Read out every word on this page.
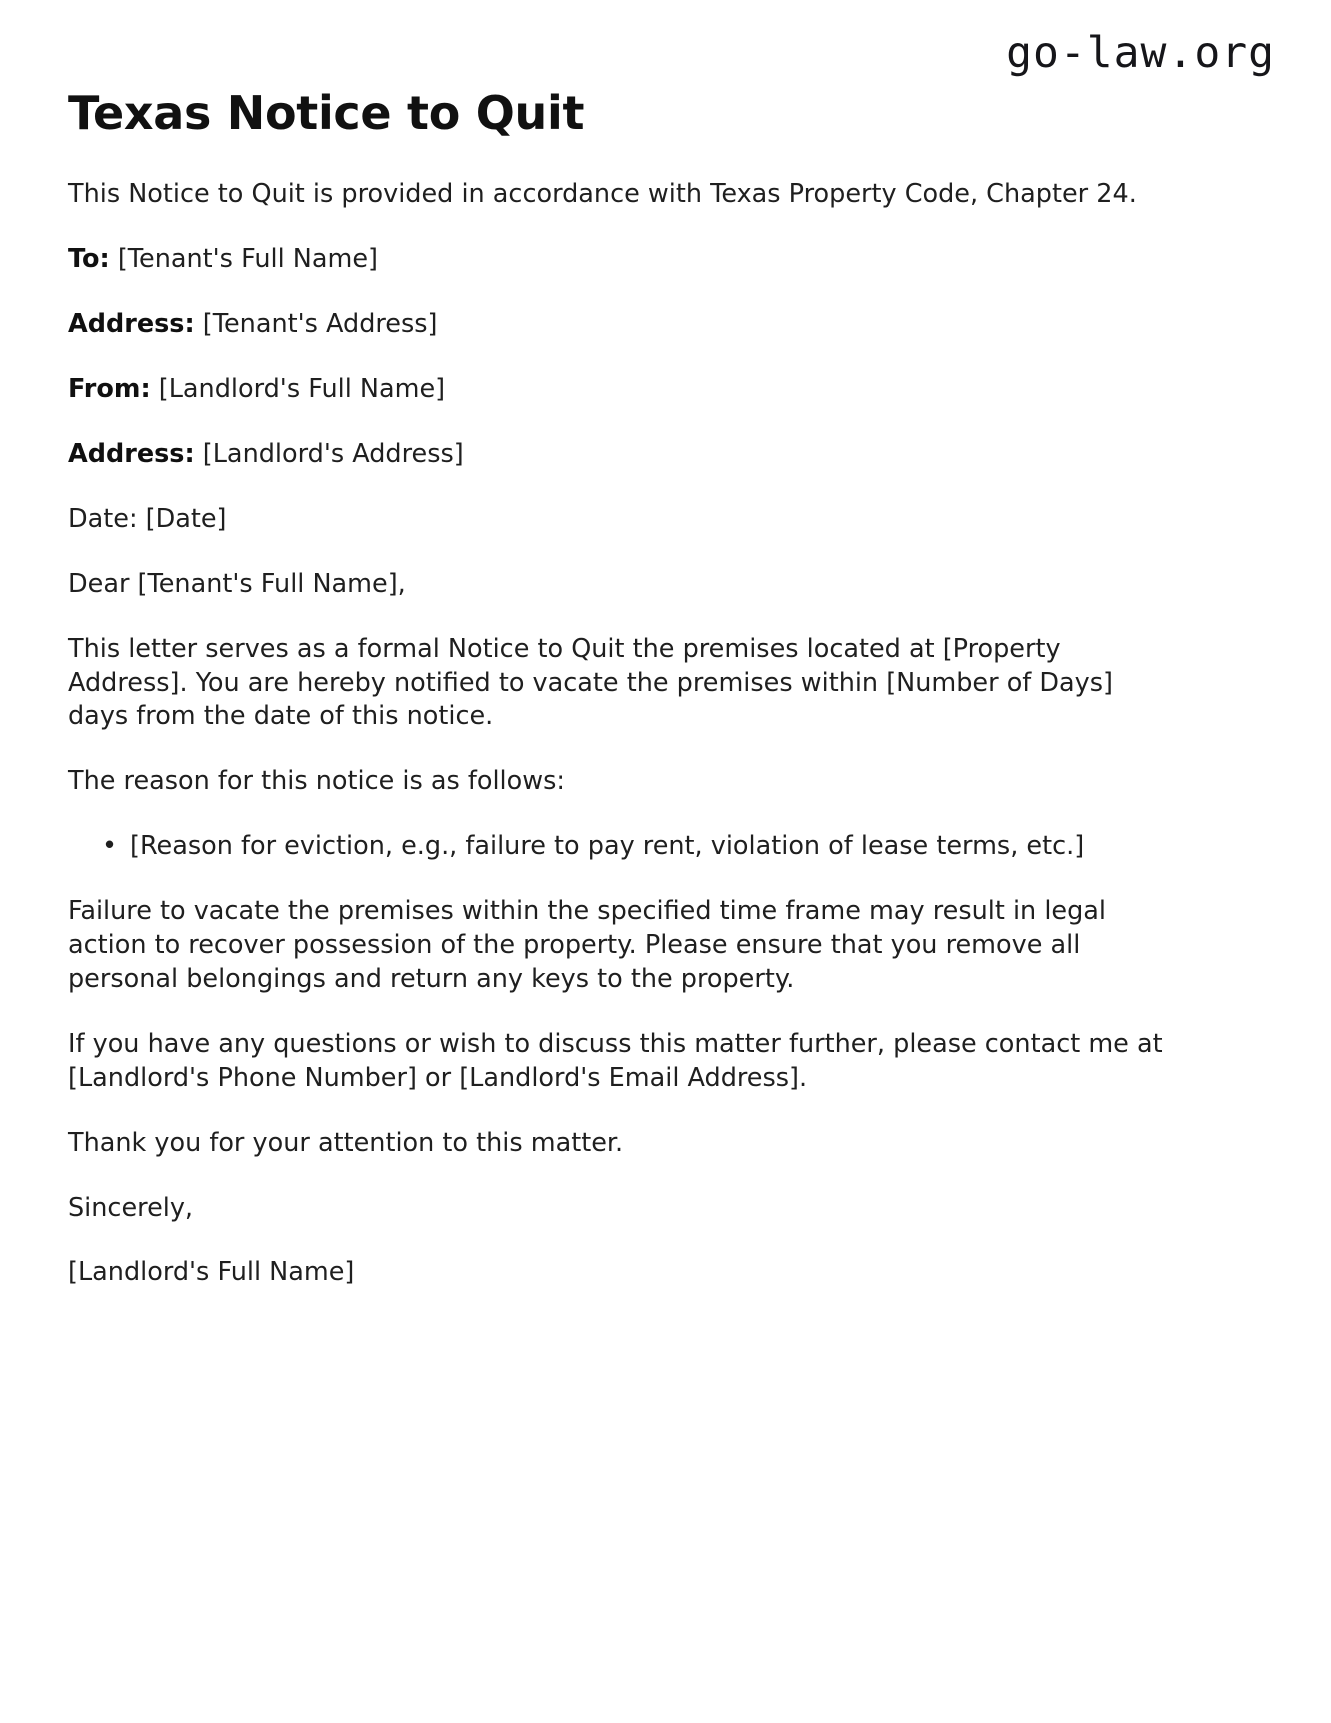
go-law.org
Texas Notice to Quit

This Notice to Quit is provided in accordance with Texas Property Code, Chapter 24.

To: [Tenant's Full Name]

Address: [Tenant's Address]

From: [Landlord's Full Name]

Address: [Landlord's Address]

Date: [Date]

Dear [Tenant's Full Name],

This letter serves as a formal Notice to Quit the premises located at [Property Address]. You are hereby notified to vacate the premises within [Number of Days] days from the date of this notice.

The reason for this notice is as follows:

• [Reason for eviction, e.g., failure to pay rent, violation of lease terms, etc.]

Failure to vacate the premises within the specified time frame may result in legal action to recover possession of the property. Please ensure that you remove all personal belongings and return any keys to the property.

If you have any questions or wish to discuss this matter further, please contact me at [Landlord's Phone Number] or [Landlord's Email Address].

Thank you for your attention to this matter.

Sincerely,

[Landlord's Full Name]
